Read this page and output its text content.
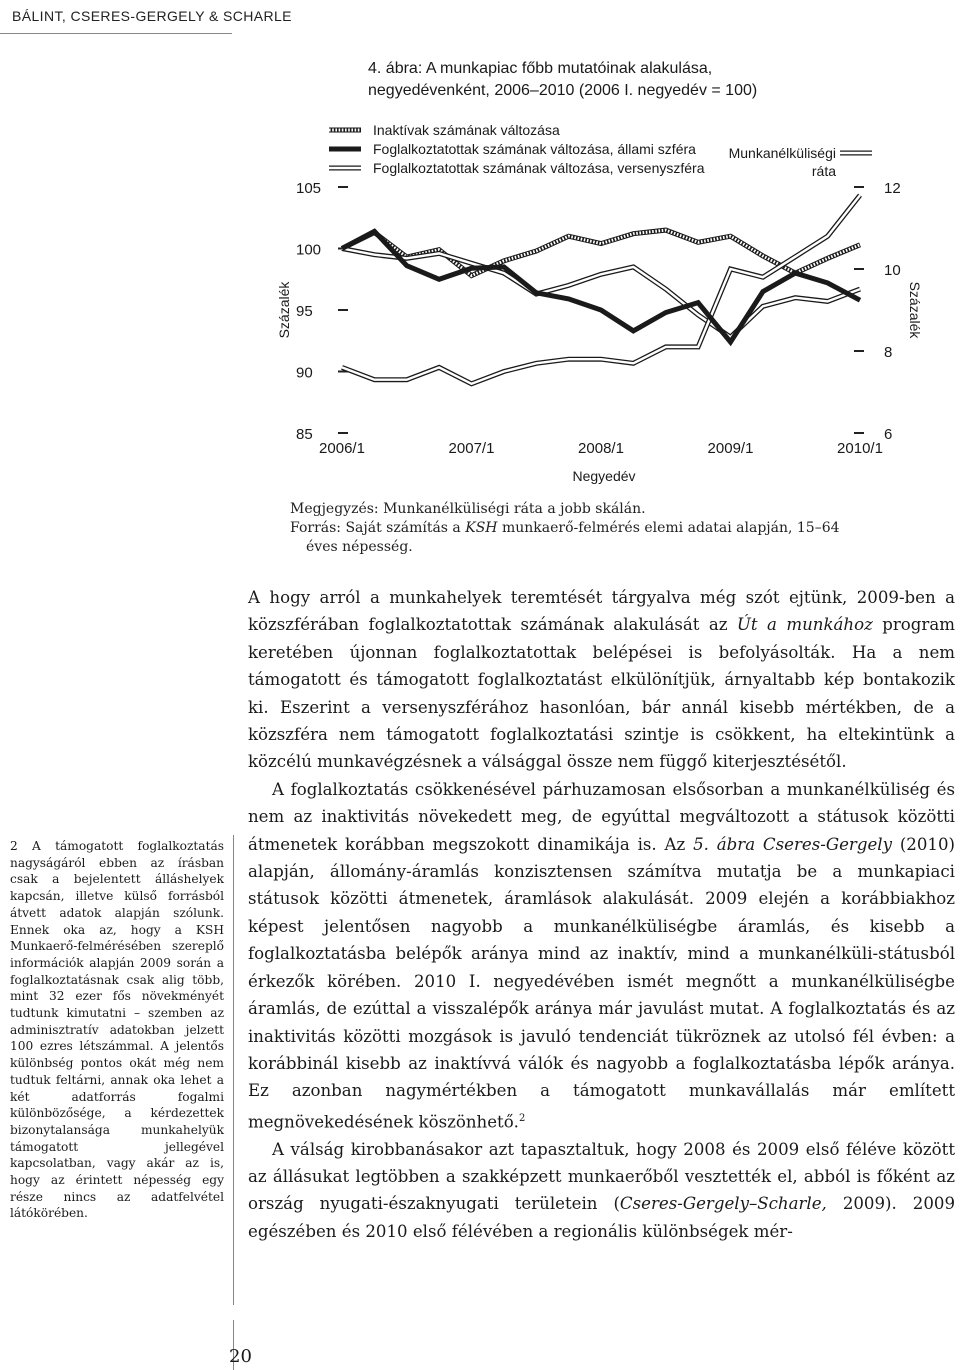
BÁLINT, CSERES-GERGELY & SCHARLE
4. ábra: A munkapiac főbb mutatóinak alakulása,
negyedévenként, 2006–2010 (2006 I. negyedév = 100)
Inaktívak számának változása
Foglalkoztatottak számának változása, állami szféra
Foglalkoztatottak számának változása, versenyszféra
Munkanélküliségi
ráta
105
100
95
90
85
12
10
8
6
2006/1	2007/1	2008/1	2009/1	2010/1
Negyedév
Százalék	Százalék
Megjegyzés: Munkanélküliségi ráta a jobb skálán.
Forrás: Saját számítás a KSH munkaerő-felmérés elemi adatai alapján, 15–64
éves népesség.

A hogy arról a munkahelyek teremtését tárgyalva még szót ejtünk, 2009-ben a közszférában foglalkoztatottak számának alakulását az Út a munkához program keretében újonnan foglalkoztatottak belépései is befolyásolták. Ha a nem támogatott és támogatott foglalkoztatást elkülönítjük, árnyaltabb kép bontakozik ki. Eszerint a versenyszférához hasonlóan, bár annál kisebb mértékben, de a közszféra nem támogatott foglalkoztatási szintje is csökkent, ha eltekintünk a közcélú munkavégzésnek a válsággal össze nem függő kiterjesztésétől.

A foglalkoztatás csökkenésével párhuzamosan elsősorban a munkanélküliség és nem az inaktivitás növekedett meg, de egyúttal megváltozott a státusok közötti átmenetek korábban megszokott dinamikája is. Az 5. ábra Cseres-Gergely (2010) alapján, állomány-áramlás konzisztensen számítva mutatja be a munkapiaci státusok közötti átmenetek, áramlások alakulását. 2009 elején a korábbiakhoz képest jelentősen nagyobb a munkanélküliségbe áramlás, és kisebb a foglalkoztatásba belépők aránya mind az inaktív, mind a munkanélküli-státusból érkezők körében. 2010 I. negyedévében ismét megnőtt a munkanélküliségbe áramlás, de ezúttal a visszalépők aránya már javulást mutat. A foglalkoztatás és az inaktivitás közötti mozgások is javuló tendenciát tükröznek az utolsó fél évben: a korábbinál kisebb az inaktívvá válók és nagyobb a foglalkoztatásba lépők aránya. Ez azonban nagymértékben a támogatott munkavállalás már említett megnövekedésének köszönhető.$^2$

A válság kirobbanásakor azt tapasztaltuk, hogy 2008 és 2009 első féléve között az állásukat legtöbben a szakképzett munkaerőből vesztették el, abból is főként az ország nyugati-északnyugati területein (Cseres-Gergely–Scharle, 2009). 2009 egészében és 2010 első félévében a regionális különbségek mér-

2 A támogatott foglalkoztatás nagyságáról ebben az írásban csak a bejelentett álláshelyek kapcsán, illetve külső forrásból átvett adatok alapján szólunk. Ennek oka az, hogy a KSH Munkaerő-felmérésében szereplő információk alapján 2009 során a foglalkoztatásnak csak alig több, mint 32 ezer fős növekményét tudtunk kimutatni – szemben az adminisztratív adatokban jelzett 100 ezres létszámmal. A jelentős különbség pontos okát még nem tudtuk feltárni, annak oka lehet a két adatforrás fogalmi különbözősége, a kérdezettek bizonytalansága munkahelyük támogatott jellegével kapcsolatban, vagy akár az is, hogy az érintett népesség egy része nincs az adatfelvétel látókörében.
20
